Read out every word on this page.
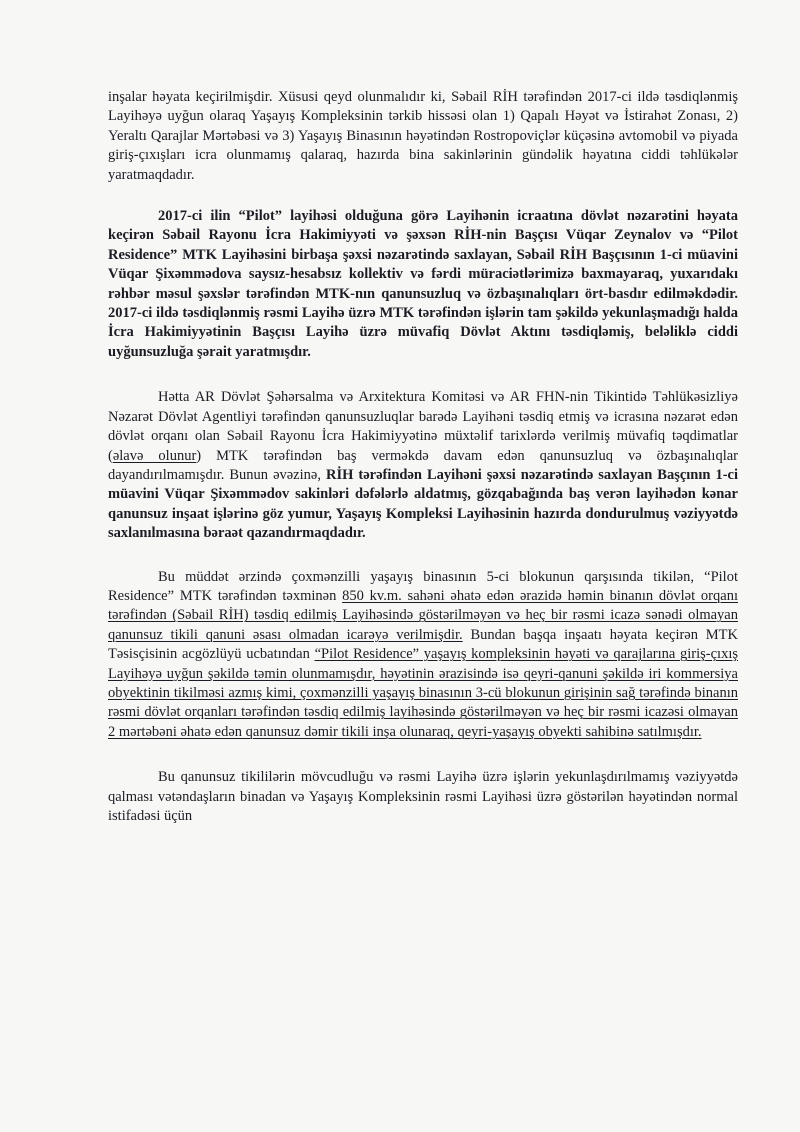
inşalar həyata keçirilmişdir. Xüsusi qeyd olunmalıdır ki, Səbail RİH tərəfindən 2017-ci ildə təsdiqlənmiş Layihəyə uyğun olaraq Yaşayış Kompleksinin tərkib hissəsi olan 1) Qapalı Həyət və İstirahət Zonası, 2) Yeraltı Qarajlar Mərtəbəsi və 3) Yaşayış Binasının həyətindən Rostropoviçlər küçəsinə avtomobil və piyada giriş-çıxışları icra olunmamış qalaraq, hazırda bina sakinlərinin gündəlik həyatına ciddi təhlükələr yaratmaqdadır.

2017-ci ilin “Pilot” layihəsi olduğuna görə Layihənin icraatına dövlət nəzarətini həyata keçirən Səbail Rayonu İcra Hakimiyyəti və şəxsən RİH-nin Başçısı Vüqar Zeynalov və “Pilot Residence” MTK Layihəsini birbaşa şəxsi nəzarətində saxlayan, Səbail RİH Başçısının 1-ci müavini Vüqar Şixəmmədova saysız-hesabsız kollektiv və fərdi müraciətlərimizə baxmayaraq, yuxarıdakı rəhbər məsul şəxslər tərəfindən MTK-nın qanunsuzluq və özbaşınalıqları ört-basdır edilməkdədir. 2017-ci ildə təsdiqlənmiş rəsmi Layihə üzrə MTK tərəfindən işlərin tam şəkildə yekunlaşmadığı halda İcra Hakimiyyətinin Başçısı Layihə üzrə müvafiq Dövlət Aktını təsdiqləmiş, beləliklə ciddi uyğunsuzluğa şərait yaratmışdır.

Hətta AR Dövlət Şəhərsalma və Arxitektura Komitəsi və AR FHN-nin Tikintidə Təhlükəsizliyə Nəzarət Dövlət Agentliyi tərəfindən qanunsuzluqlar barədə Layihəni təsdiq etmiş və icrasına nəzarət edən dövlət orqanı olan Səbail Rayonu İcra Hakimiyyətinə müxtəlif tarixlərdə verilmiş müvafiq təqdimatlar (əlavə olunur) MTK tərəfindən baş verməkdə davam edən qanunsuzluq və özbaşınalıqlar dayandırılmamışdır. Bunun əvəzinə, RİH tərəfindən Layihəni şəxsi nəzarətində saxlayan Başçının 1-ci müavini Vüqar Şixəmmədov sakinləri dəfələrlə aldatmış, gözqabağında baş verən layihədən kənar qanunsuz inşaat işlərinə göz yumur, Yaşayış Kompleksi Layihəsinin hazırda dondurulmuş vəziyyətdə saxlanılmasına bəraət qazandırmaqdadır.

Bu müddət ərzində çoxmənzilli yaşayış binasının 5-ci blokunun qarşısında tikilən, “Pilot Residence” MTK tərəfindən təxminən 850 kv.m. sahəni əhatə edən ərazidə həmin binanın dövlət orqanı tərəfindən (Səbail RİH) təsdiq edilmiş Layihəsində göstərilməyən və heç bir rəsmi icazə sənədi olmayan qanunsuz tikili qanuni əsası olmadan icarəyə verilmişdir. Bundan başqa inşaatı həyata keçirən MTK Təsisçisinin acgözlüyü ucbatından “Pilot Residence” yaşayış kompleksinin həyəti və qarajlarına giriş-çıxış Layihəyə uyğun şəkildə təmin olunmamışdır, həyətinin ərazisində isə qeyri-qanuni şəkildə iri kommersiya obyektinin tikilməsi azmış kimi, çoxmənzilli yaşayış binasının 3-cü blokunun girişinin sağ tərəfində binanın rəsmi dövlət orqanları tərəfindən təsdiq edilmiş layihəsində göstərilməyən və heç bir rəsmi icazəsi olmayan 2 mərtəbəni əhatə edən qanunsuz dəmir tikili inşa olunaraq, qeyri-yaşayış obyekti sahibinə satılmışdır.

Bu qanunsuz tikililərin mövcudluğu və rəsmi Layihə üzrə işlərin yekunlaşdırılmamış vəziyyətdə qalması vətəndaşların binadan və Yaşayış Kompleksinin rəsmi Layihəsi üzrə göstərilən həyətindən normal istifadəsi üçün
